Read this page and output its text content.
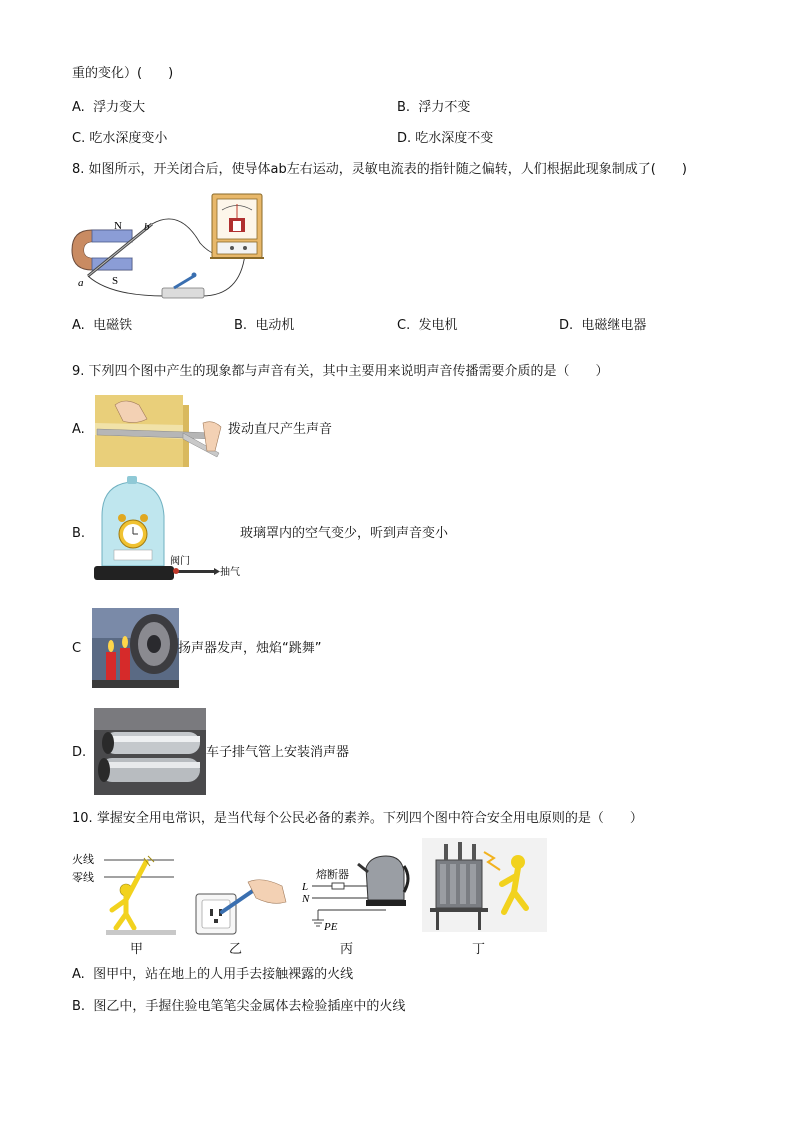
重的变化）(　　)
A. 浮力变大	B. 浮力不变
C. 吃水深度变小	D. 吃水深度不变
8. 如图所示，开关闭合后，使导体ab左右运动，灵敏电流表的指针随之偏转，人们根据此现象制成了(　　)
N
S
a
b
A. 电磁铁	B. 电动机	C. 发电机	D. 电磁继电器
9. 下列四个图中产生的现象都与声音有关，其中主要用来说明声音传播需要介质的是（　　）
A.	拨动直尺产生声音
B.
阀门
抽气
玻璃罩内的空气变少，听到声音变小
C	扬声器发声，烛焰“跳舞”
D.	车子排气管上安装消声器
10. 掌握安全用电常识，是当代每个公民必备的素养。下列四个图中符合安全用电原则的是（　　）
火线
零线
甲	乙
熔断器
L
N
PE
丙	丁
A. 图甲中，站在地上的人用手去接触裸露的火线
B. 图乙中，手握住验电笔笔尖金属体去检验插座中的火线
